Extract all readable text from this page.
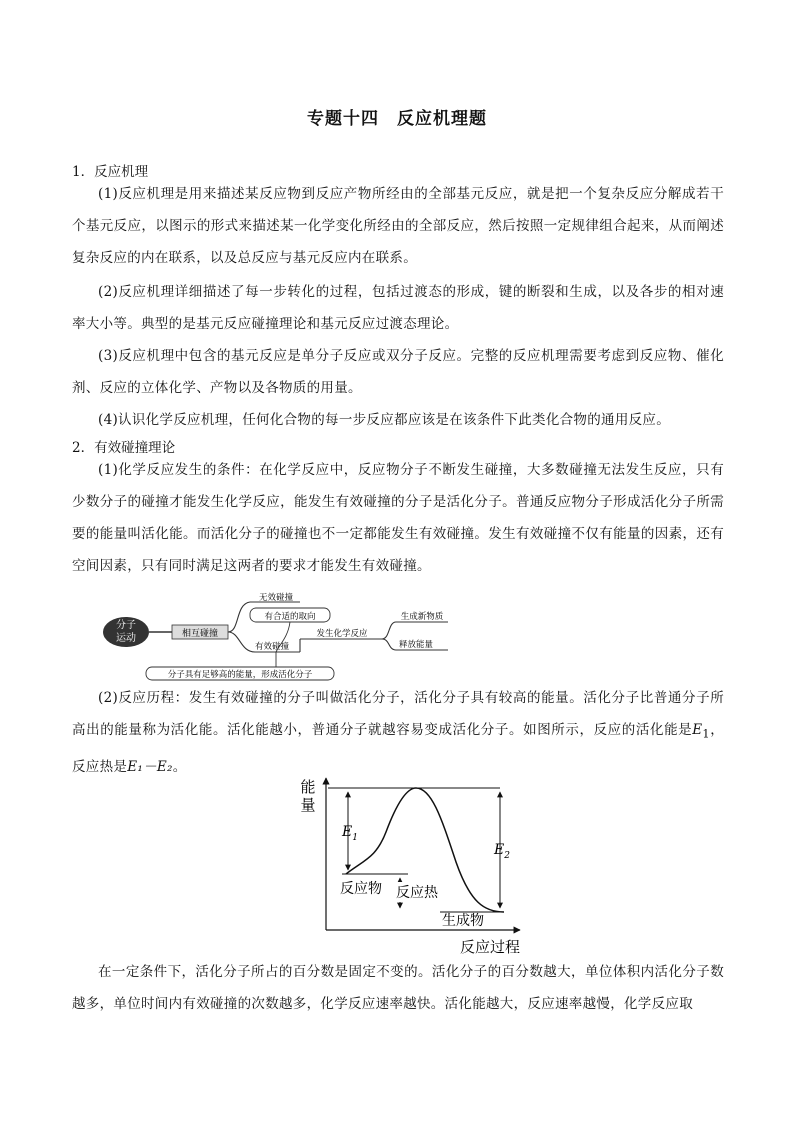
专题十四　反应机理题
1．反应机理
(1)反应机理是用来描述某反应物到反应产物所经由的全部基元反应，就是把一个复杂反应分解成若干个基元反应，以图示的形式来描述某一化学变化所经由的全部反应，然后按照一定规律组合起来，从而阐述复杂反应的内在联系，以及总反应与基元反应内在联系。
(2)反应机理详细描述了每一步转化的过程，包括过渡态的形成，键的断裂和生成，以及各步的相对速率大小等。典型的是基元反应碰撞理论和基元反应过渡态理论。
(3)反应机理中包含的基元反应是单分子反应或双分子反应。完整的反应机理需要考虑到反应物、催化剂、反应的立体化学、产物以及各物质的用量。
(4)认识化学反应机理，任何化合物的每一步反应都应该是在该条件下此类化合物的通用反应。
2．有效碰撞理论
(1)化学反应发生的条件：在化学反应中，反应物分子不断发生碰撞，大多数碰撞无法发生反应，只有少数分子的碰撞才能发生化学反应，能发生有效碰撞的分子是活化分子。普通反应物分子形成活化分子所需要的能量叫活化能。而活化分子的碰撞也不一定都能发生有效碰撞。发生有效碰撞不仅有能量的因素，还有空间因素，只有同时满足这两者的要求才能发生有效碰撞。
分子
运动	相互碰撞
无效碰撞
有效碰撞
有合适的取向
分子具有足够高的能量，形成活化分子
发生化学反应
生成新物质
释放能量
(2)反应历程：发生有效碰撞的分子叫做活化分子，活化分子具有较高的能量。活化分子比普通分子所高出的能量称为活化能。活化能越小，普通分子就越容易变成活化分子。如图所示，反应的活化能是$E_1$，反应热是E₁－E₂。
能
量
反应过程
$E_1$
$E_2$
反应物 反应热
生成物
在一定条件下，活化分子所占的百分数是固定不变的。活化分子的百分数越大，单位体积内活化分子数越多，单位时间内有效碰撞的次数越多，化学反应速率越快。活化能越大，反应速率越慢，化学反应取
